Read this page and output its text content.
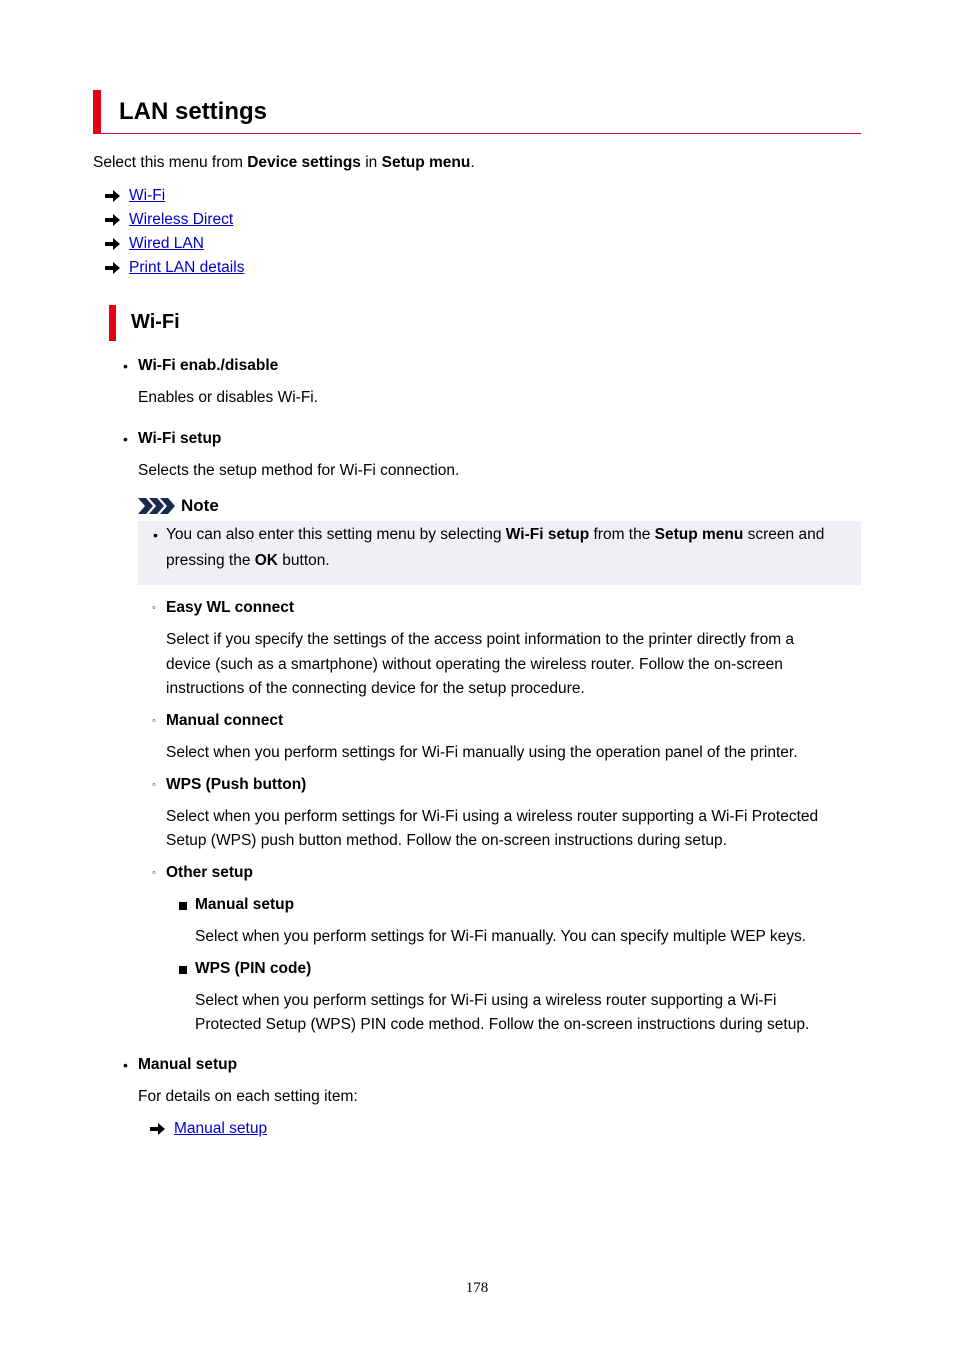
LAN settings
Select this menu from Device settings in Setup menu.
Wi-Fi
Wireless Direct
Wired LAN
Print LAN details
Wi-Fi
• Wi-Fi enab./disable
Enables or disables Wi-Fi.
• Wi-Fi setup
Selects the setup method for Wi-Fi connection.
Note
• You can also enter this setting menu by selecting Wi-Fi setup from the Setup menu screen and
pressing the OK button.
◦ Easy WL connect
Select if you specify the settings of the access point information to the printer directly from a
device (such as a smartphone) without operating the wireless router. Follow the on-screen
instructions of the connecting device for the setup procedure.
◦ Manual connect
Select when you perform settings for Wi-Fi manually using the operation panel of the printer.
◦ WPS (Push button)
Select when you perform settings for Wi-Fi using a wireless router supporting a Wi-Fi Protected
Setup (WPS) push button method. Follow the on-screen instructions during setup.
◦ Other setup
Manual setup
Select when you perform settings for Wi-Fi manually. You can specify multiple WEP keys.
WPS (PIN code)
Select when you perform settings for Wi-Fi using a wireless router supporting a Wi-Fi
Protected Setup (WPS) PIN code method. Follow the on-screen instructions during setup.
• Manual setup
For details on each setting item:
Manual setup
178
